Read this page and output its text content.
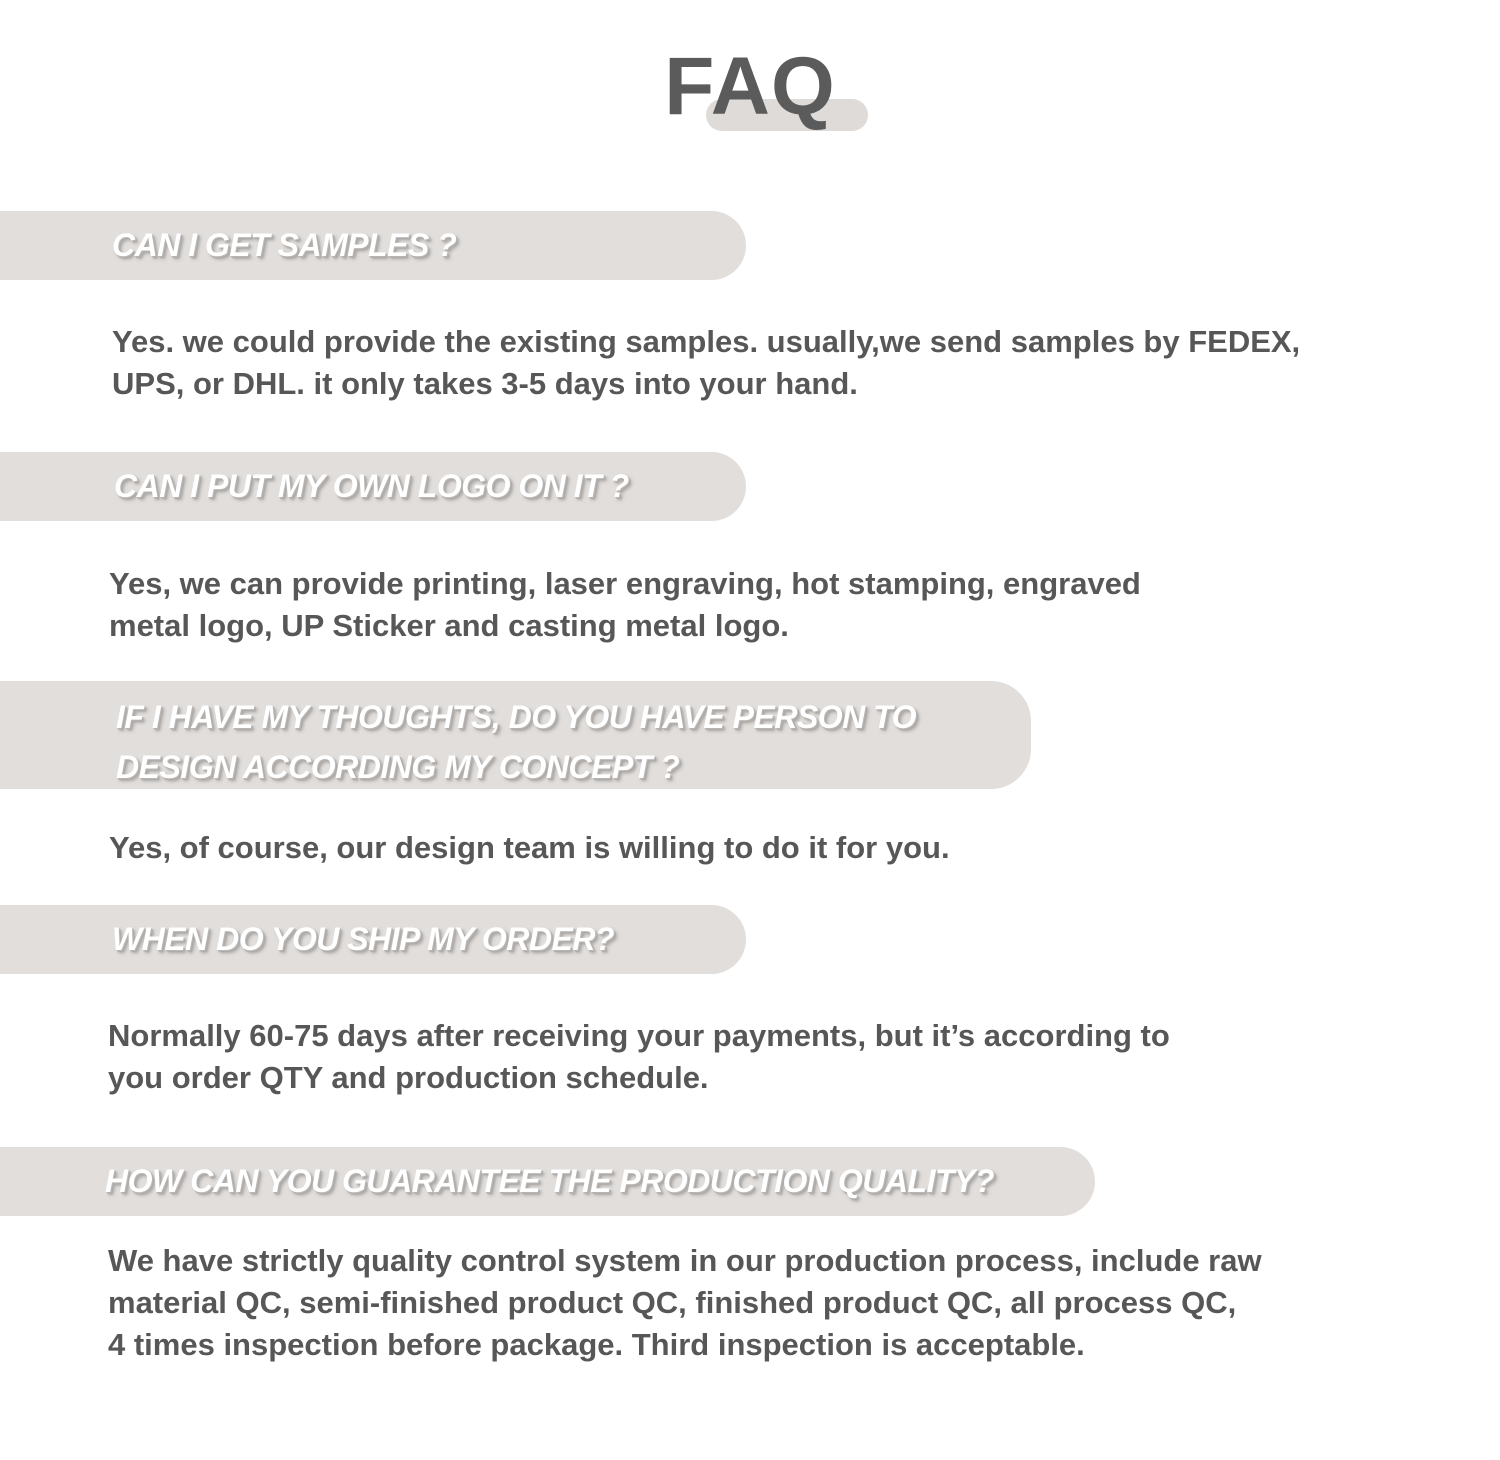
FAQ

CAN I GET SAMPLES ?

Yes. we could provide the existing samples. usually,we send samples by FEDEX,
UPS, or DHL. it only takes 3-5 days into your hand.

CAN I PUT MY OWN LOGO ON IT ?

Yes, we can provide printing, laser engraving, hot stamping, engraved
metal logo, UP Sticker and casting metal logo.

IF I HAVE MY THOUGHTS, DO YOU HAVE PERSON TO
DESIGN ACCORDING MY CONCEPT ?

Yes, of course, our design team is willing to do it for you.

WHEN DO YOU SHIP MY ORDER?

Normally 60-75 days after receiving your payments, but it’s according to
you order QTY and production schedule.

HOW CAN YOU GUARANTEE THE PRODUCTION QUALITY?

We have strictly quality control system in our production process, include raw
material QC, semi-finished product QC, finished product QC, all process QC,
4 times inspection before package. Third inspection is acceptable.
